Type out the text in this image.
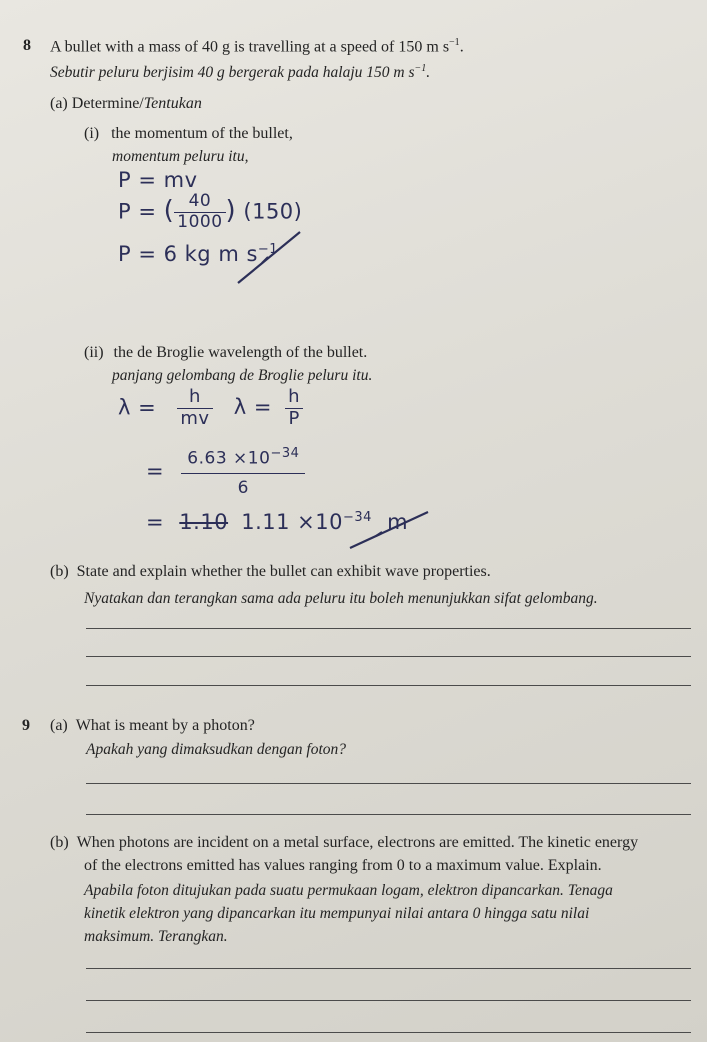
8 A bullet with a mass of 40 g is travelling at a speed of 150 m $s^{-1}$.
Sebutir peluru berjisim 40 g bergerak pada halaju 150 m $s^{-1}$.
(a) Determine/Tentukan
(i) the momentum of the bullet,
momentum peluru itu,
P = mv
P = ( $\frac{40}{1000}$ ) (150)
P = 6 kg m $s^{-1}$
(ii) the de Broglie wavelength of the bullet.
panjang gelombang de Broglie peluru itu.
$\lambda = \frac{h}{mv}$ $\lambda = \frac{h}{P}$
= $\frac{6.63 \times 10^{-34}}{6}$
= 1.10 $1.11 \times 10^{-34}$ m
(b) State and explain whether the bullet can exhibit wave properties.
Nyatakan dan terangkan sama ada peluru itu boleh menunjukkan sifat gelombang.
9 (a) What is meant by a photon?
Apakah yang dimaksudkan dengan foton?
(b) When photons are incident on a metal surface, electrons are emitted. The kinetic energy
of the electrons emitted has values ranging from 0 to a maximum value. Explain.
Apabila foton ditujukan pada suatu permukaan logam, elektron dipancarkan. Tenaga
kinetik elektron yang dipancarkan itu mempunyai nilai antara 0 hingga satu nilai
maksimum. Terangkan.
